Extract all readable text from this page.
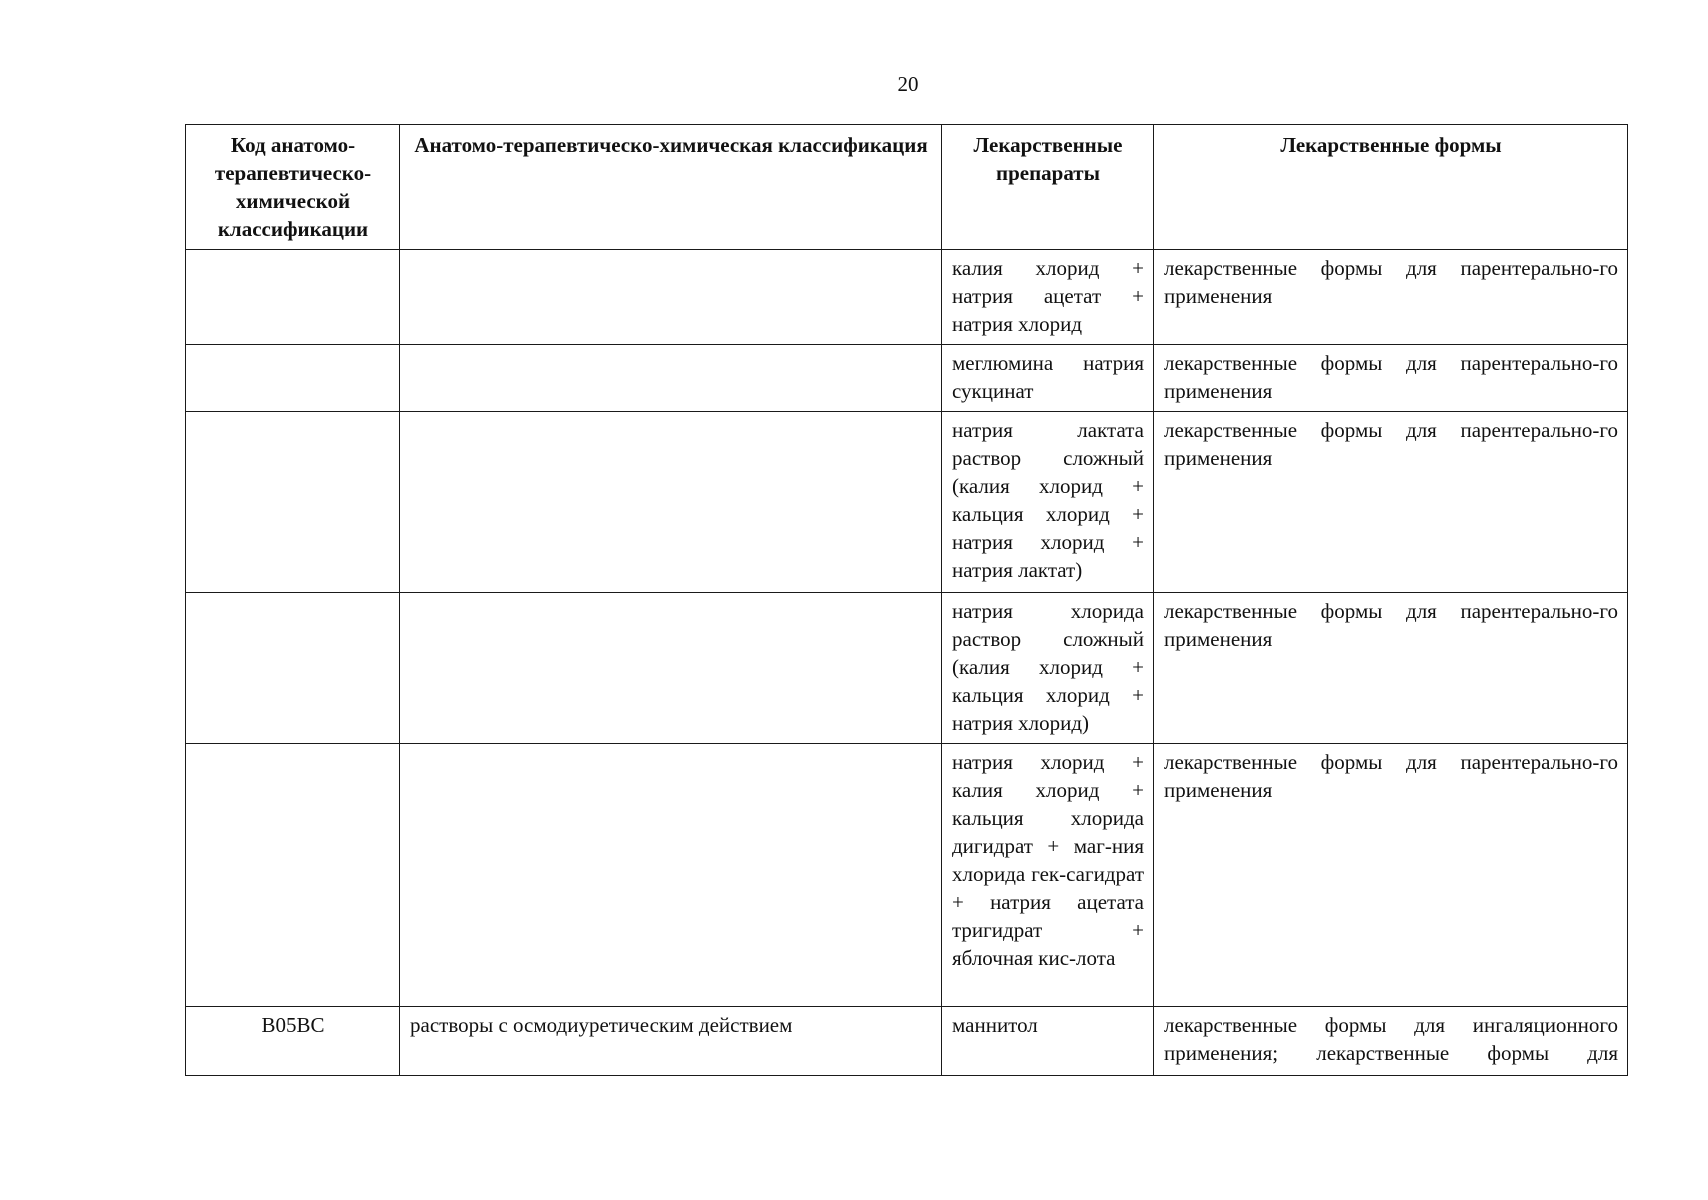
20
Код анатомо-терапевтическо-химической классификации	Анатомо-терапевтическо-химическая классификация	Лекарственные препараты	Лекарственные формы
		калия хлорид + натрия ацетат + натрия хлорид	лекарственные формы для парентерально-го применения
		меглюмина натрия сукцинат	лекарственные формы для парентерально-го применения
		натрия лактата раствор сложный (калия хлорид + кальция хлорид + натрия хлорид + натрия лактат)	лекарственные формы для парентерально-го применения
		натрия хлорида раствор сложный (калия хлорид + кальция хлорид + натрия хлорид)	лекарственные формы для парентерально-го применения
		натрия хлорид + калия хлорид + кальция хлорида дигидрат + маг-ния хлорида гек-сагидрат + натрия ацетата тригидрат + яблочная кис-лота	лекарственные формы для парентерально-го применения
B05BC	растворы с осмодиуретическим действием	маннитол	лекарственные формы для ингаляционного применения; лекарственные формы для
